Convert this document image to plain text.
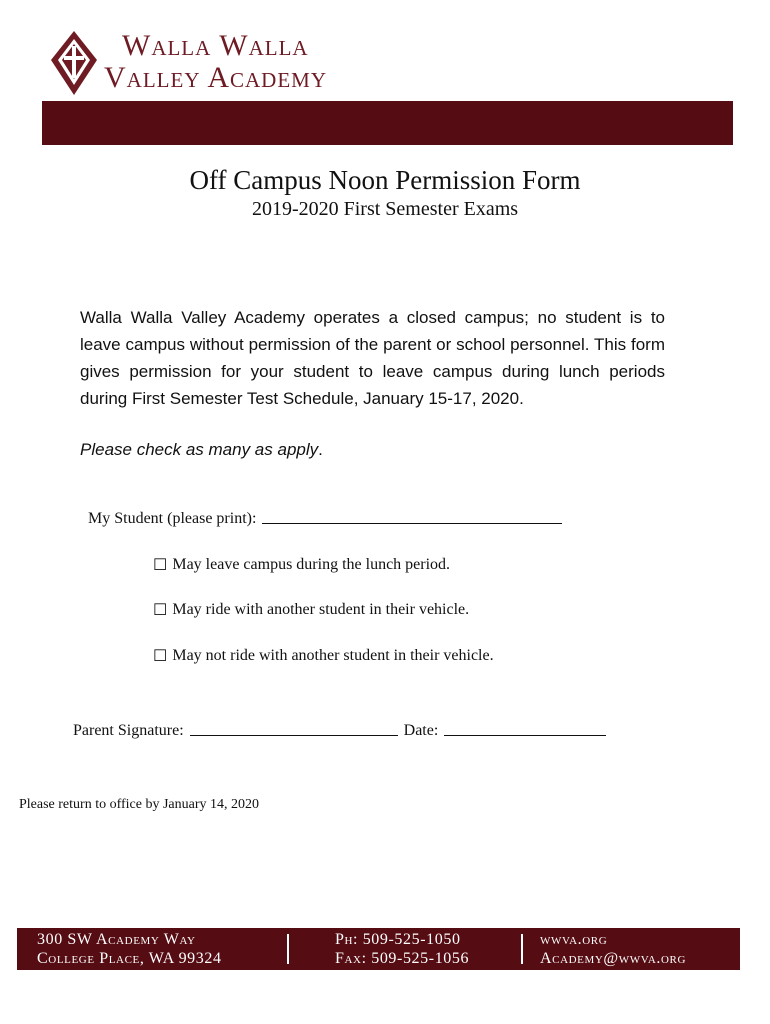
Walla Walla
Valley Academy
Off Campus Noon Permission Form
2019-2020 First Semester Exams
Walla Walla Valley Academy operates a closed campus; no student is to leave campus without permission of the parent or school personnel. This form gives permission for your student to leave campus during lunch periods during First Semester Test Schedule, January 15-17, 2020.
Please check as many as apply.
My Student (please print):
☐ May leave campus during the lunch period.
☐ May ride with another student in their vehicle.
☐ May not ride with another student in their vehicle.
Parent Signature:	Date:
Please return to office by January 14, 2020
300 SW Academy Way
College Place, WA 99324
Ph: 509-525-1050
Fax: 509-525-1056
wwva.org
Academy@wwva.org
